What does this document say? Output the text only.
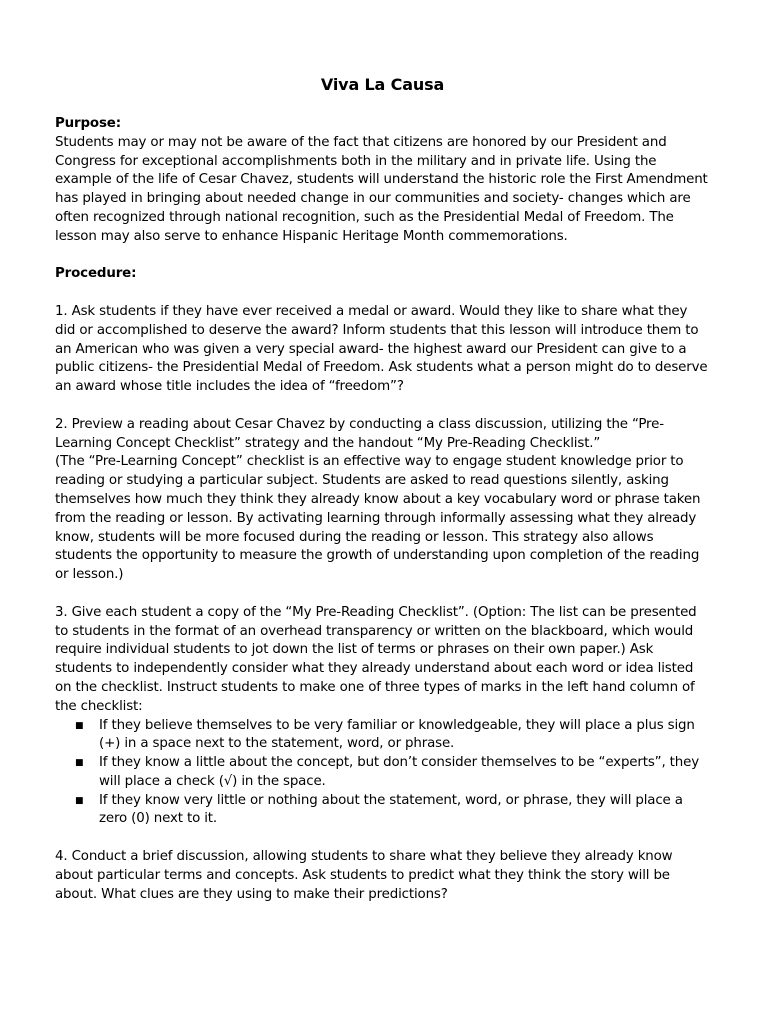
Viva La Causa
Purpose:

Students may or may not be aware of the fact that citizens are honored by our President and Congress for exceptional accomplishments both in the military and in private life. Using the example of the life of Cesar Chavez, students will understand the historic role the First Amendment has played in bringing about needed change in our communities and society- changes which are often recognized through national recognition, such as the Presidential Medal of Freedom. The lesson may also serve to enhance Hispanic Heritage Month commemorations.

Procedure:

1. Ask students if they have ever received a medal or award. Would they like to share what they did or accomplished to deserve the award? Inform students that this lesson will introduce them to an American who was given a very special award- the highest award our President can give to a public citizens- the Presidential Medal of Freedom. Ask students what a person might do to deserve an award whose title includes the idea of “freedom”?

2. Preview a reading about Cesar Chavez by conducting a class discussion, utilizing the “Pre-Learning Concept Checklist” strategy and the handout “My Pre-Reading Checklist.”

(The “Pre-Learning Concept” checklist is an effective way to engage student knowledge prior to reading or studying a particular subject. Students are asked to read questions silently, asking themselves how much they think they already know about a key vocabulary word or phrase taken from the reading or lesson. By activating learning through informally assessing what they already know, students will be more focused during the reading or lesson. This strategy also allows students the opportunity to measure the growth of understanding upon completion of the reading or lesson.)

3. Give each student a copy of the “My Pre-Reading Checklist”. (Option: The list can be presented to students in the format of an overhead transparency or written on the blackboard, which would require individual students to jot down the list of terms or phrases on their own paper.) Ask students to independently consider what they already understand about each word or idea listed on the checklist. Instruct students to make one of three types of marks in the left hand column of the checklist:

■ If they believe themselves to be very familiar or knowledgeable, they will place a plus sign (+) in a space next to the statement, word, or phrase.
■ If they know a little about the concept, but don’t consider themselves to be “experts”, they will place a check (√) in the space.
■ If they know very little or nothing about the statement, word, or phrase, they will place a zero (0) next to it.

4. Conduct a brief discussion, allowing students to share what they believe they already know about particular terms and concepts. Ask students to predict what they think the story will be about. What clues are they using to make their predictions?
